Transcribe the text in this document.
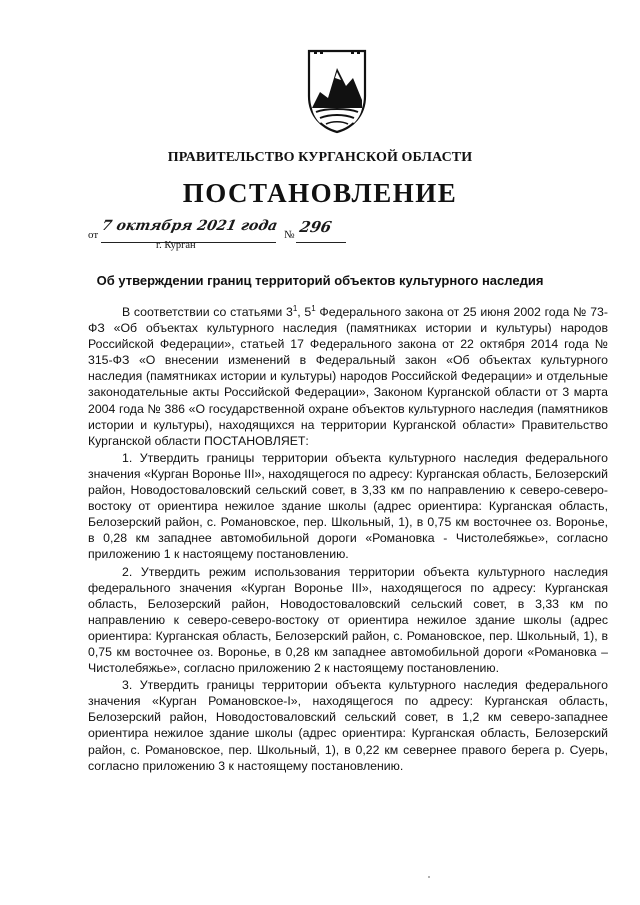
ПРАВИТЕЛЬСТВО КУРГАНСКОЙ ОБЛАСТИ
ПОСТАНОВЛЕНИЕ
от
7 октября 2021 года
№ 296
г. Курган
Об утверждении границ территорий объектов культурного наследия

В соответствии со статьями $3^1$, $5^1$ Федерального закона от 25 июня 2002 года № 73-ФЗ «Об объектах культурного наследия (памятниках истории и культуры) народов Российской Федерации», статьей 17 Федерального закона от 22 октября 2014 года № 315-ФЗ «О внесении изменений в Федеральный закон «Об объектах культурного наследия (памятниках истории и культуры) народов Российской Федерации» и отдельные законодательные акты Российской Федерации», Законом Курганской области от 3 марта 2004 года № 386 «О государственной охране объектов культурного наследия (памятников истории и культуры), находящихся на территории Курганской области» Правительство Курганской области ПОСТАНОВЛЯЕТ:

1. Утвердить границы территории объекта культурного наследия федерального значения «Курган Воронье III», находящегося по адресу: Курганская область, Белозерский район, Новодостоваловский сельский совет, в 3,33 км по направлению к северо-северо-востоку от ориентира нежилое здание школы (адрес ориентира: Курганская область, Белозерский район, с. Романовское, пер. Школьный, 1), в 0,75 км восточнее оз. Воронье, в 0,28 км западнее автомобильной дороги «Романовка - Чистолебяжье», согласно приложению 1 к настоящему постановлению.

2. Утвердить режим использования территории объекта культурного наследия федерального значения «Курган Воронье III», находящегося по адресу: Курганская область, Белозерский район, Новодостоваловский сельский совет, в 3,33 км по направлению к северо-северо-востоку от ориентира нежилое здание школы (адрес ориентира: Курганская область, Белозерский район, с. Романовское, пер. Школьный, 1), в 0,75 км восточнее оз. Воронье, в 0,28 км западнее автомобильной дороги «Романовка – Чистолебяжье», согласно приложению 2 к настоящему постановлению.

3. Утвердить границы территории объекта культурного наследия федерального значения «Курган Романовское-I», находящегося по адресу: Курганская область, Белозерский район, Новодостоваловский сельский совет, в 1,2 км северо-западнее ориентира нежилое здание школы (адрес ориентира: Курганская область, Белозерский район, с. Романовское, пер. Школьный, 1), в 0,22 км севернее правого берега р. Суерь, согласно приложению 3 к настоящему постановлению.
